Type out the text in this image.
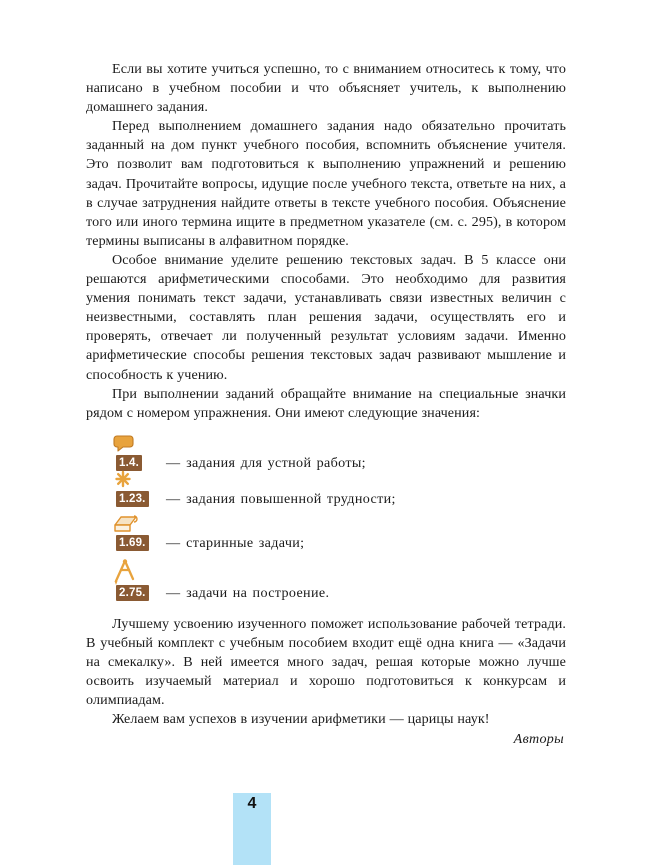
Если вы хотите учиться успешно, то с вниманием относитесь к тому, что написано в учебном пособии и что объясняет учитель, к выполнению домашнего задания.

Перед выполнением домашнего задания надо обязательно прочитать заданный на дом пункт учебного пособия, вспомнить объяснение учителя. Это позволит вам подготовиться к выполнению упражнений и решению задач. Прочитайте вопросы, идущие после учебного текста, ответьте на них, а в случае затруднения найдите ответы в тексте учебного пособия. Объяснение того или иного термина ищите в предметном указателе (см. с. 295), в котором термины выписаны в алфавитном порядке.

Особое внимание уделите решению текстовых задач. В 5 классе они решаются арифметическими способами. Это необходимо для развития умения понимать текст задачи, устанавливать связи известных величин с неизвестными, составлять план решения задачи, осуществлять его и проверять, отвечает ли полученный результат условиям задачи. Именно арифметические способы решения текстовых задач развивают мышление и способность к учению.

При выполнении заданий обращайте внимание на специальные значки рядом с номером упражнения. Они имеют следующие значения:

1.4. — задания для устной работы;
1.23. — задания повышенной трудности;
1.69. — старинные задачи;
2.75. — задачи на построение.

Лучшему усвоению изученного поможет использование рабочей тетради. В учебный комплект с учебным пособием входит ещё одна книга — «Задачи на смекалку». В ней имеется много задач, решая которые можно лучше освоить изучаемый материал и хорошо подготовиться к конкурсам и олимпиадам.

Желаем вам успехов в изучении арифметики — царицы наук!

Авторы
4
